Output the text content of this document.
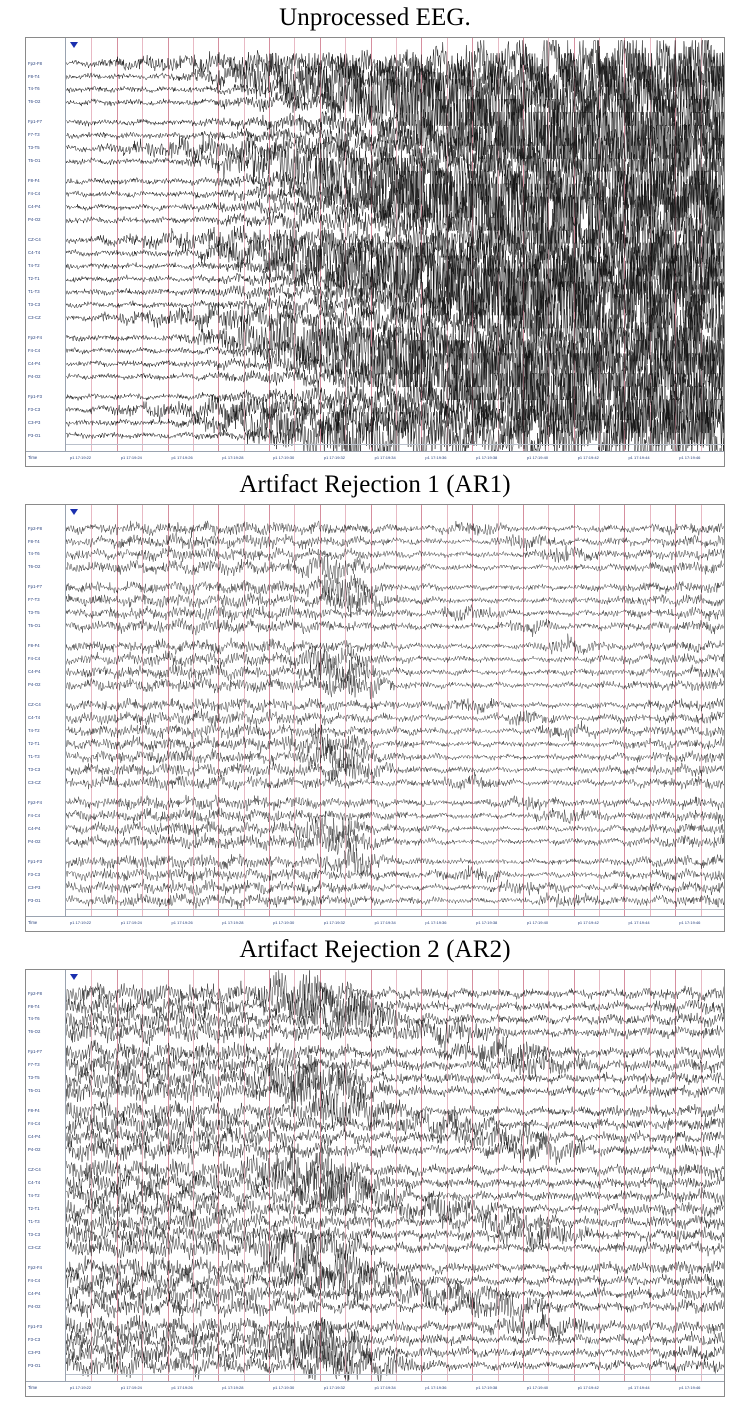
Unprocessed EEG.
Fp2-F8
F8-T4
T4-T6
T6-O2
Fp1-F7
F7-T3
T3-T5
T5-O1
F8-F4
F4-C4
C4-P4
P4-O2
CZ-C4
C4-T4
T4-T2
T2-T1
T1-T3
T3-C3
C3-CZ
Fp2-F4
F4-C4
C4-P4
P4-O2
Fp1-F3
F3-C3
C3-P3
P3-O1
Time	p1 17:19:22	p1 17:19:24	p1 17:19:26	p1 17:19:28	p1 17:19:30	p1 17:19:32	p1 17:19:34	p1 17:19:36	p1 17:19:38	p1 17:19:40	p1 17:19:42	p1 17:19:44	p1 17:19:46
Artifact Rejection 1 (AR1)
Fp2-F8
F8-T4
T4-T6
T6-O2
Fp1-F7
F7-T3
T3-T5
T5-O1
F8-F4
F4-C4
C4-P4
P4-O2
CZ-C4
C4-T4
T4-T2
T2-T1
T1-T3
T3-C3
C3-CZ
Fp2-F4
F4-C4
C4-P4
P4-O2
Fp1-F3
F3-C3
C3-P3
P3-O1
Time	p1 17:19:22	p1 17:19:24	p1 17:19:26	p1 17:19:28	p1 17:19:30	p1 17:19:32	p1 17:19:34	p1 17:19:36	p1 17:19:38	p1 17:19:40	p1 17:19:42	p1 17:19:44	p1 17:19:46
Artifact Rejection 2 (AR2)
Fp2-F8
F8-T4
T4-T6
T6-O2
Fp1-F7
F7-T3
T3-T5
T5-O1
F8-F4
F4-C4
C4-P4
P4-O2
CZ-C4
C4-T4
T4-T2
T2-T1
T1-T3
T3-C3
C3-CZ
Fp2-F4
F4-C4
C4-P4
P4-O2
Fp1-F3
F3-C3
C3-P3
P3-O1
Time	p1 17:19:22	p1 17:19:24	p1 17:19:26	p1 17:19:28	p1 17:19:30	p1 17:19:32	p1 17:19:34	p1 17:19:36	p1 17:19:38	p1 17:19:40	p1 17:19:42	p1 17:19:44	p1 17:19:46
